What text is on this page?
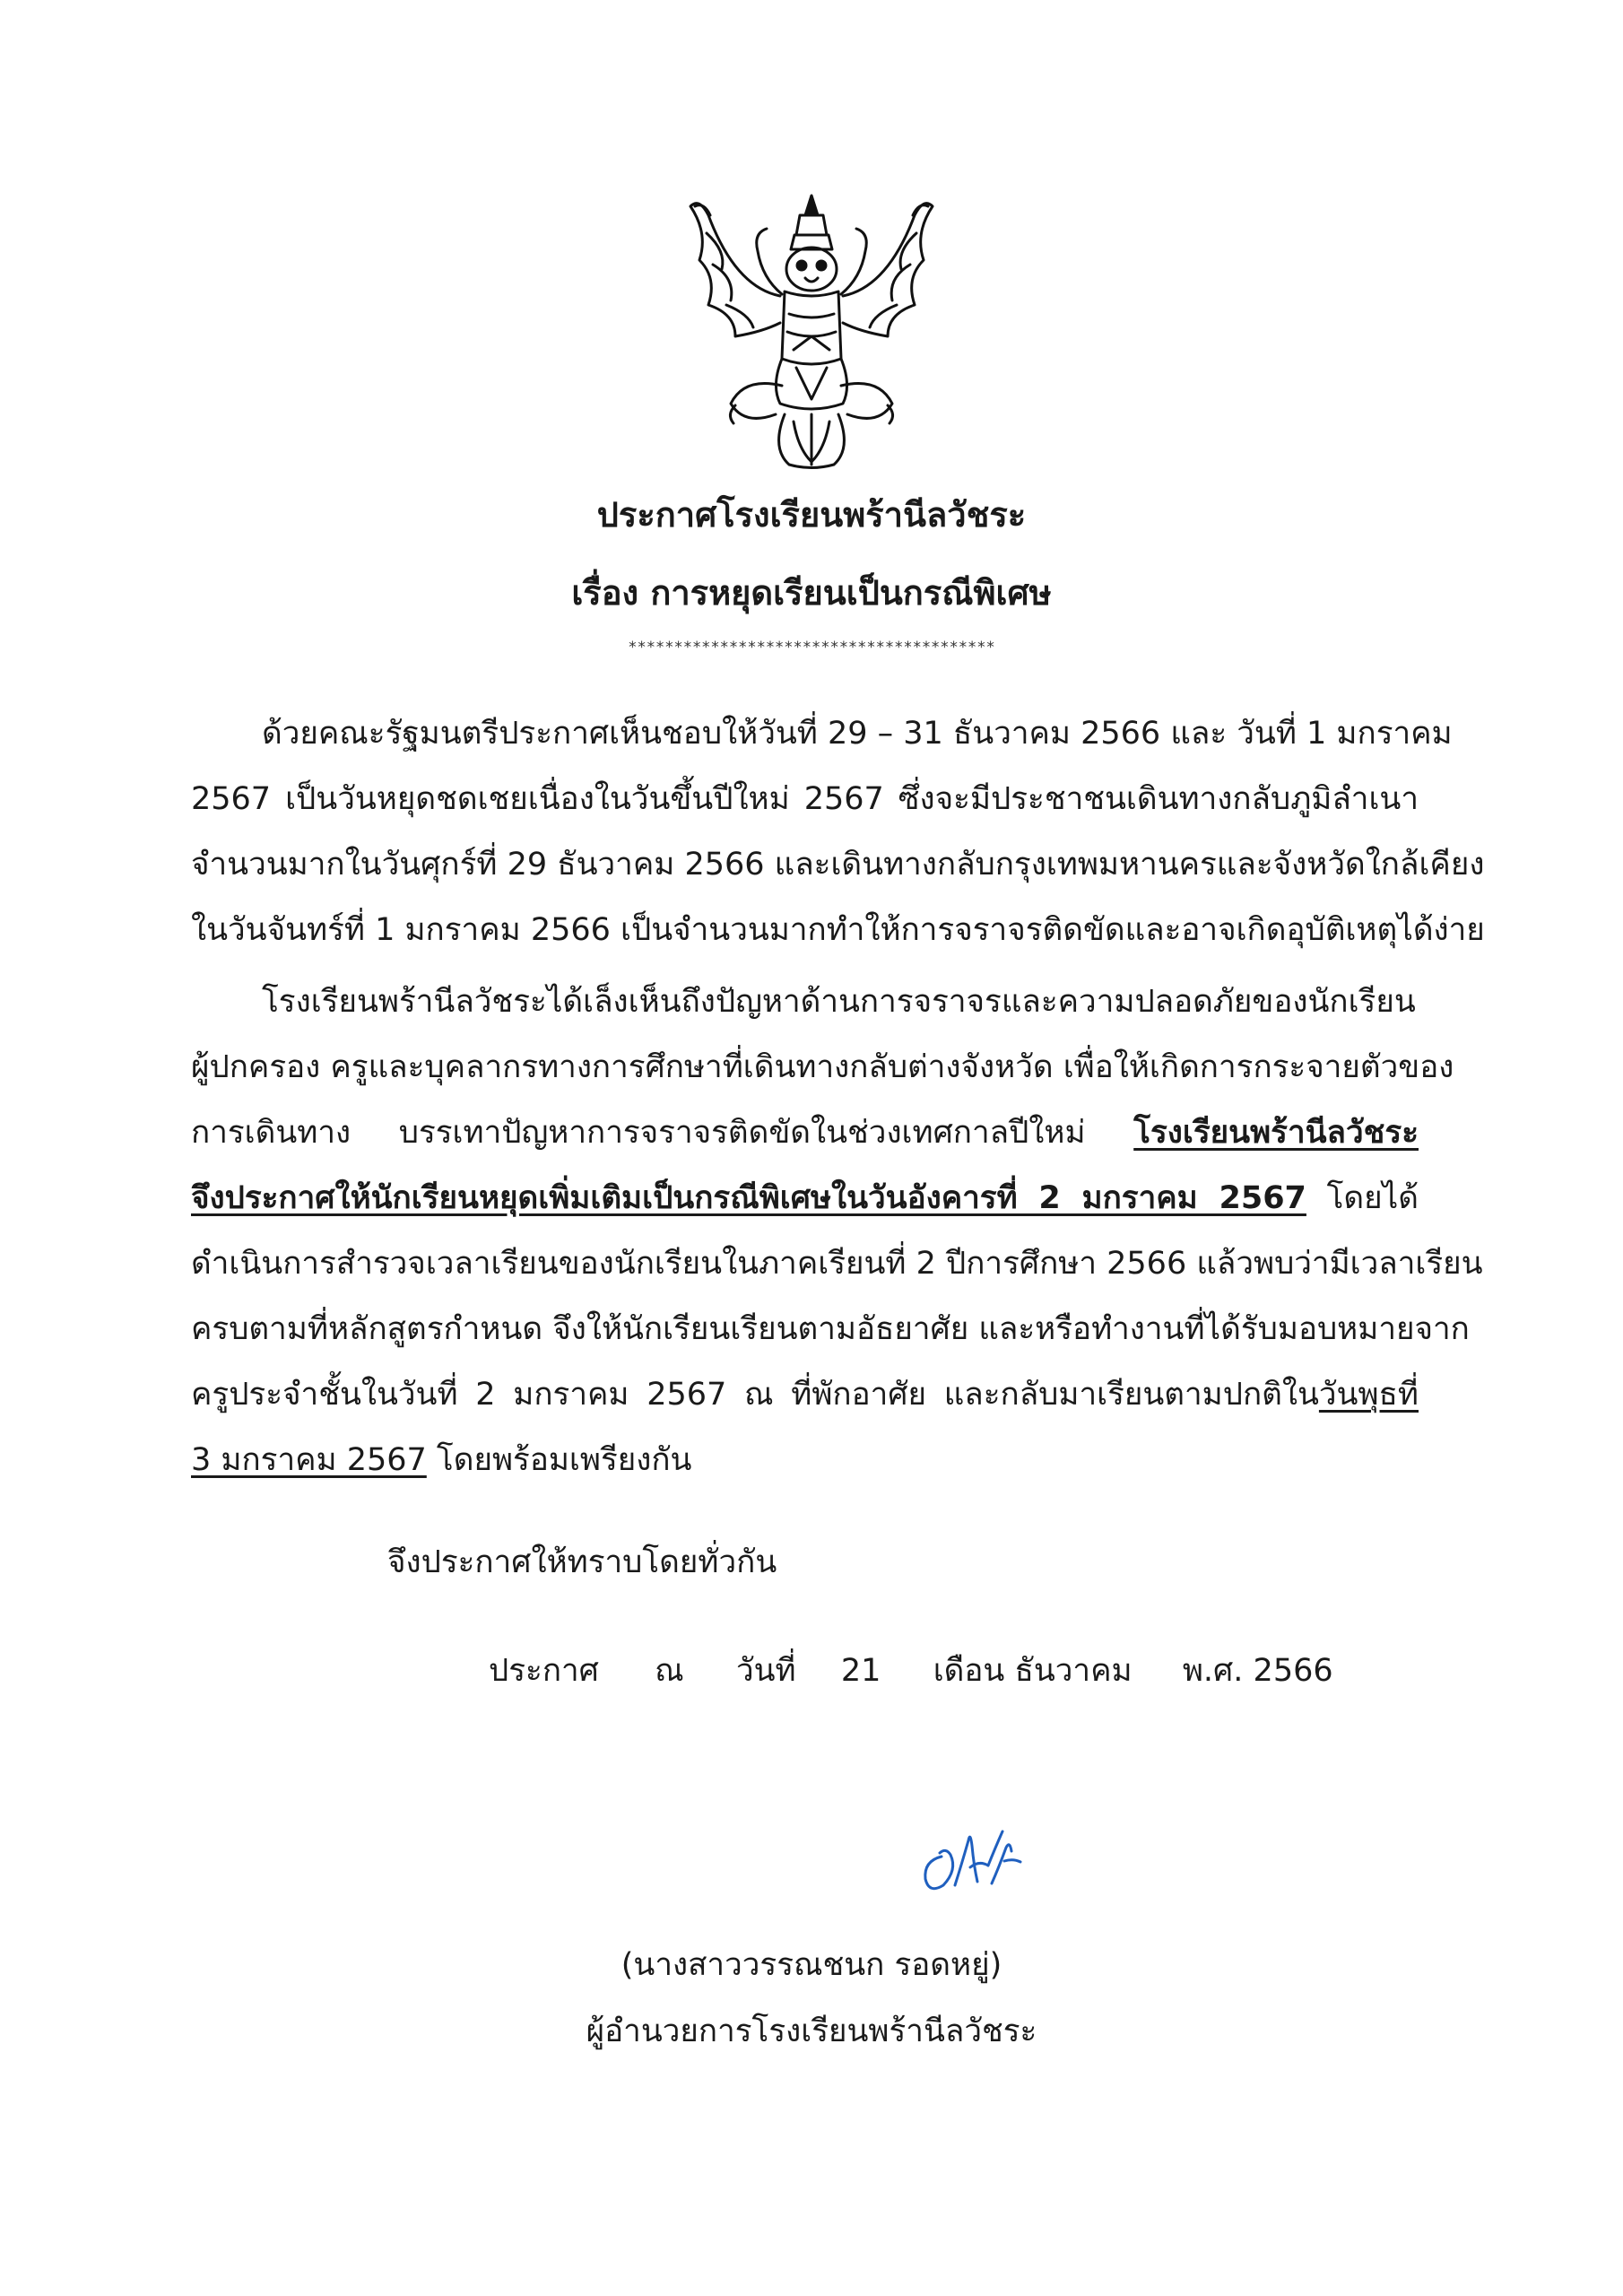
ประกาศโรงเรียนพร้านีลวัชระ
เรื่อง การหยุดเรียนเป็นกรณีพิเศษ
****************************************
ด้วยคณะรัฐมนตรีประกาศเห็นชอบให้วันที่ 29 – 31 ธันวาคม 2566 และ วันที่ 1 มกราคม
2567 เป็นวันหยุดชดเชยเนื่องในวันขึ้นปีใหม่ 2567 ซึ่งจะมีประชาชนเดินทางกลับภูมิลำเนา
จำนวนมากในวันศุกร์ที่ 29 ธันวาคม 2566 และเดินทางกลับกรุงเทพมหานครและจังหวัดใกล้เคียง
ในวันจันทร์ที่ 1 มกราคม 2566 เป็นจำนวนมากทำให้การจราจรติดขัดและอาจเกิดอุบัติเหตุได้ง่าย
โรงเรียนพร้านีลวัชระได้เล็งเห็นถึงปัญหาด้านการจราจรและความปลอดภัยของนักเรียน
ผู้ปกครอง ครูและบุคลากรทางการศึกษาที่เดินทางกลับต่างจังหวัด เพื่อให้เกิดการกระจายตัวของ
การเดินทาง บรรเทาปัญหาการจราจรติดขัดในช่วงเทศกาลปีใหม่ โรงเรียนพร้านีลวัชระ
จึงประกาศให้นักเรียนหยุดเพิ่มเติมเป็นกรณีพิเศษในวันอังคารที่ 2 มกราคม 2567 โดยได้
ดำเนินการสำรวจเวลาเรียนของนักเรียนในภาคเรียนที่ 2 ปีการศึกษา 2566 แล้วพบว่ามีเวลาเรียน
ครบตามที่หลักสูตรกำหนด จึงให้นักเรียนเรียนตามอัธยาศัย และหรือทำงานที่ได้รับมอบหมายจาก
ครูประจำชั้นในวันที่ 2 มกราคม 2567 ณ ที่พักอาศัย และกลับมาเรียนตามปกติในวันพุธที่
3 มกราคม 2567 โดยพร้อมเพรียงกัน
จึงประกาศให้ทราบโดยทั่วกัน
ประกาศ ณ วันที่ 21 เดือน ธันวาคม พ.ศ. 2566
(นางสาววรรณชนก รอดหยู่)
ผู้อำนวยการโรงเรียนพร้านีลวัชระ
